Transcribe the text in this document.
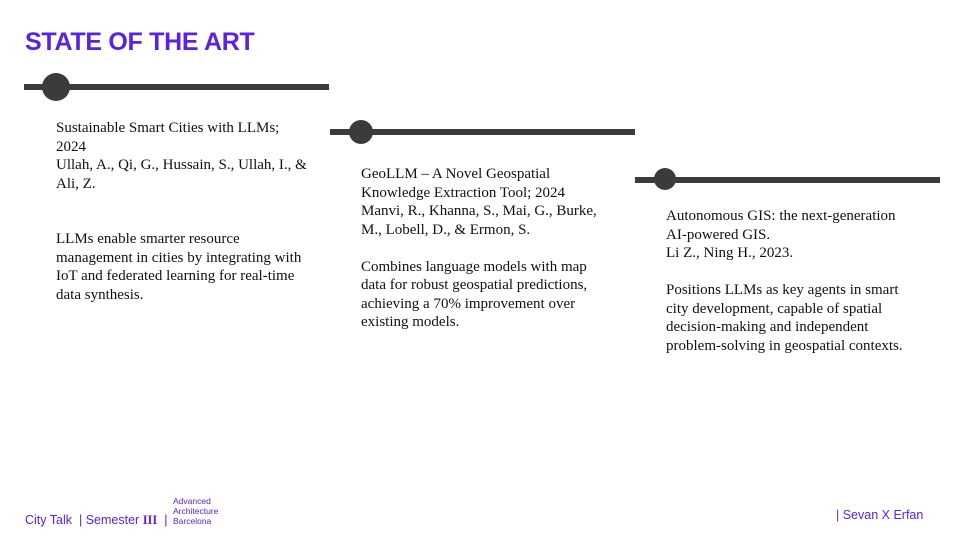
STATE OF THE ART

Sustainable Smart Cities with LLMs; 2024

Ullah, A., Qi, G., Hussain, S., Ullah, I., & Ali, Z.

LLMs enable smarter resource management in cities by integrating with IoT and federated learning for real-time data synthesis.

GeoLLM – A Novel Geospatial Knowledge Extraction Tool; 2024

Manvi, R., Khanna, S., Mai, G., Burke, M., Lobell, D., & Ermon, S.

Combines language models with map data for robust geospatial predictions, achieving a 70% improvement over existing models.

Autonomous GIS: the next-generation AI-powered GIS.

Li Z., Ning H., 2023.

Positions LLMs as key agents in smart city development, capable of spatial decision-making and independent problem-solving in geospatial contexts.

City Talk | Semester III |
Advanced Architecture Barcelona	| Sevan X Erfan
